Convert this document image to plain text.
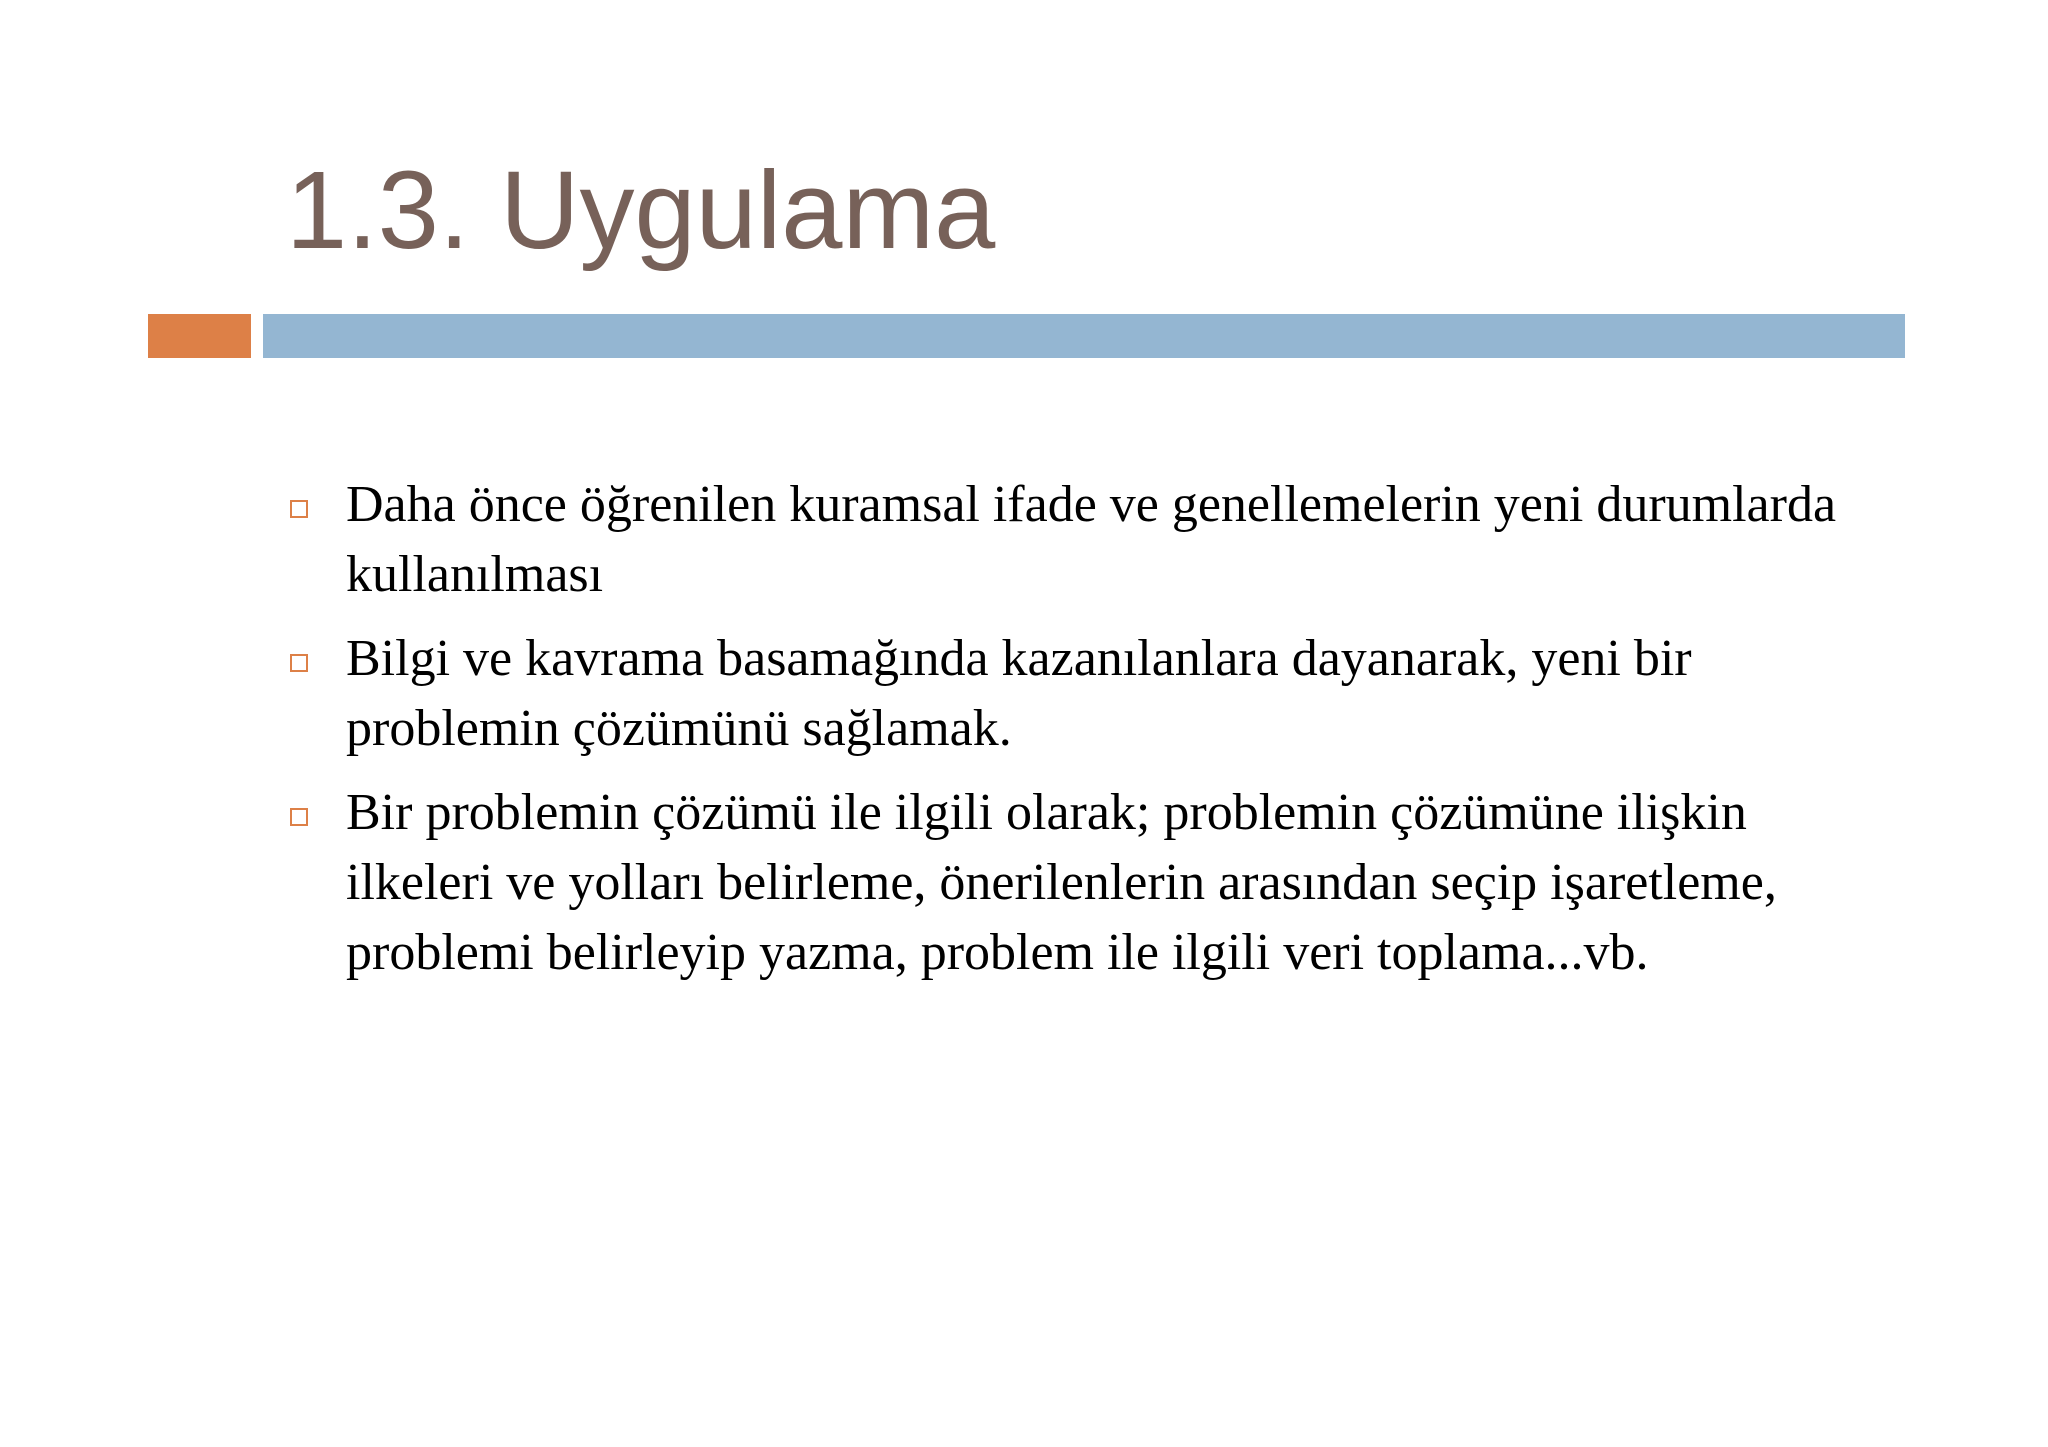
1.3. Uygulama
Daha önce öğrenilen kuramsal ifade ve genellemelerin yeni durumlarda kullanılması
Bilgi ve kavrama basamağında kazanılanlara dayanarak, yeni bir problemin çözümünü sağlamak.
Bir problemin çözümü ile ilgili olarak; problemin çözümüne ilişkin ilkeleri ve yolları belirleme, önerilenlerin arasından seçip işaretleme, problemi belirleyip yazma, problem ile ilgili veri toplama...vb.
